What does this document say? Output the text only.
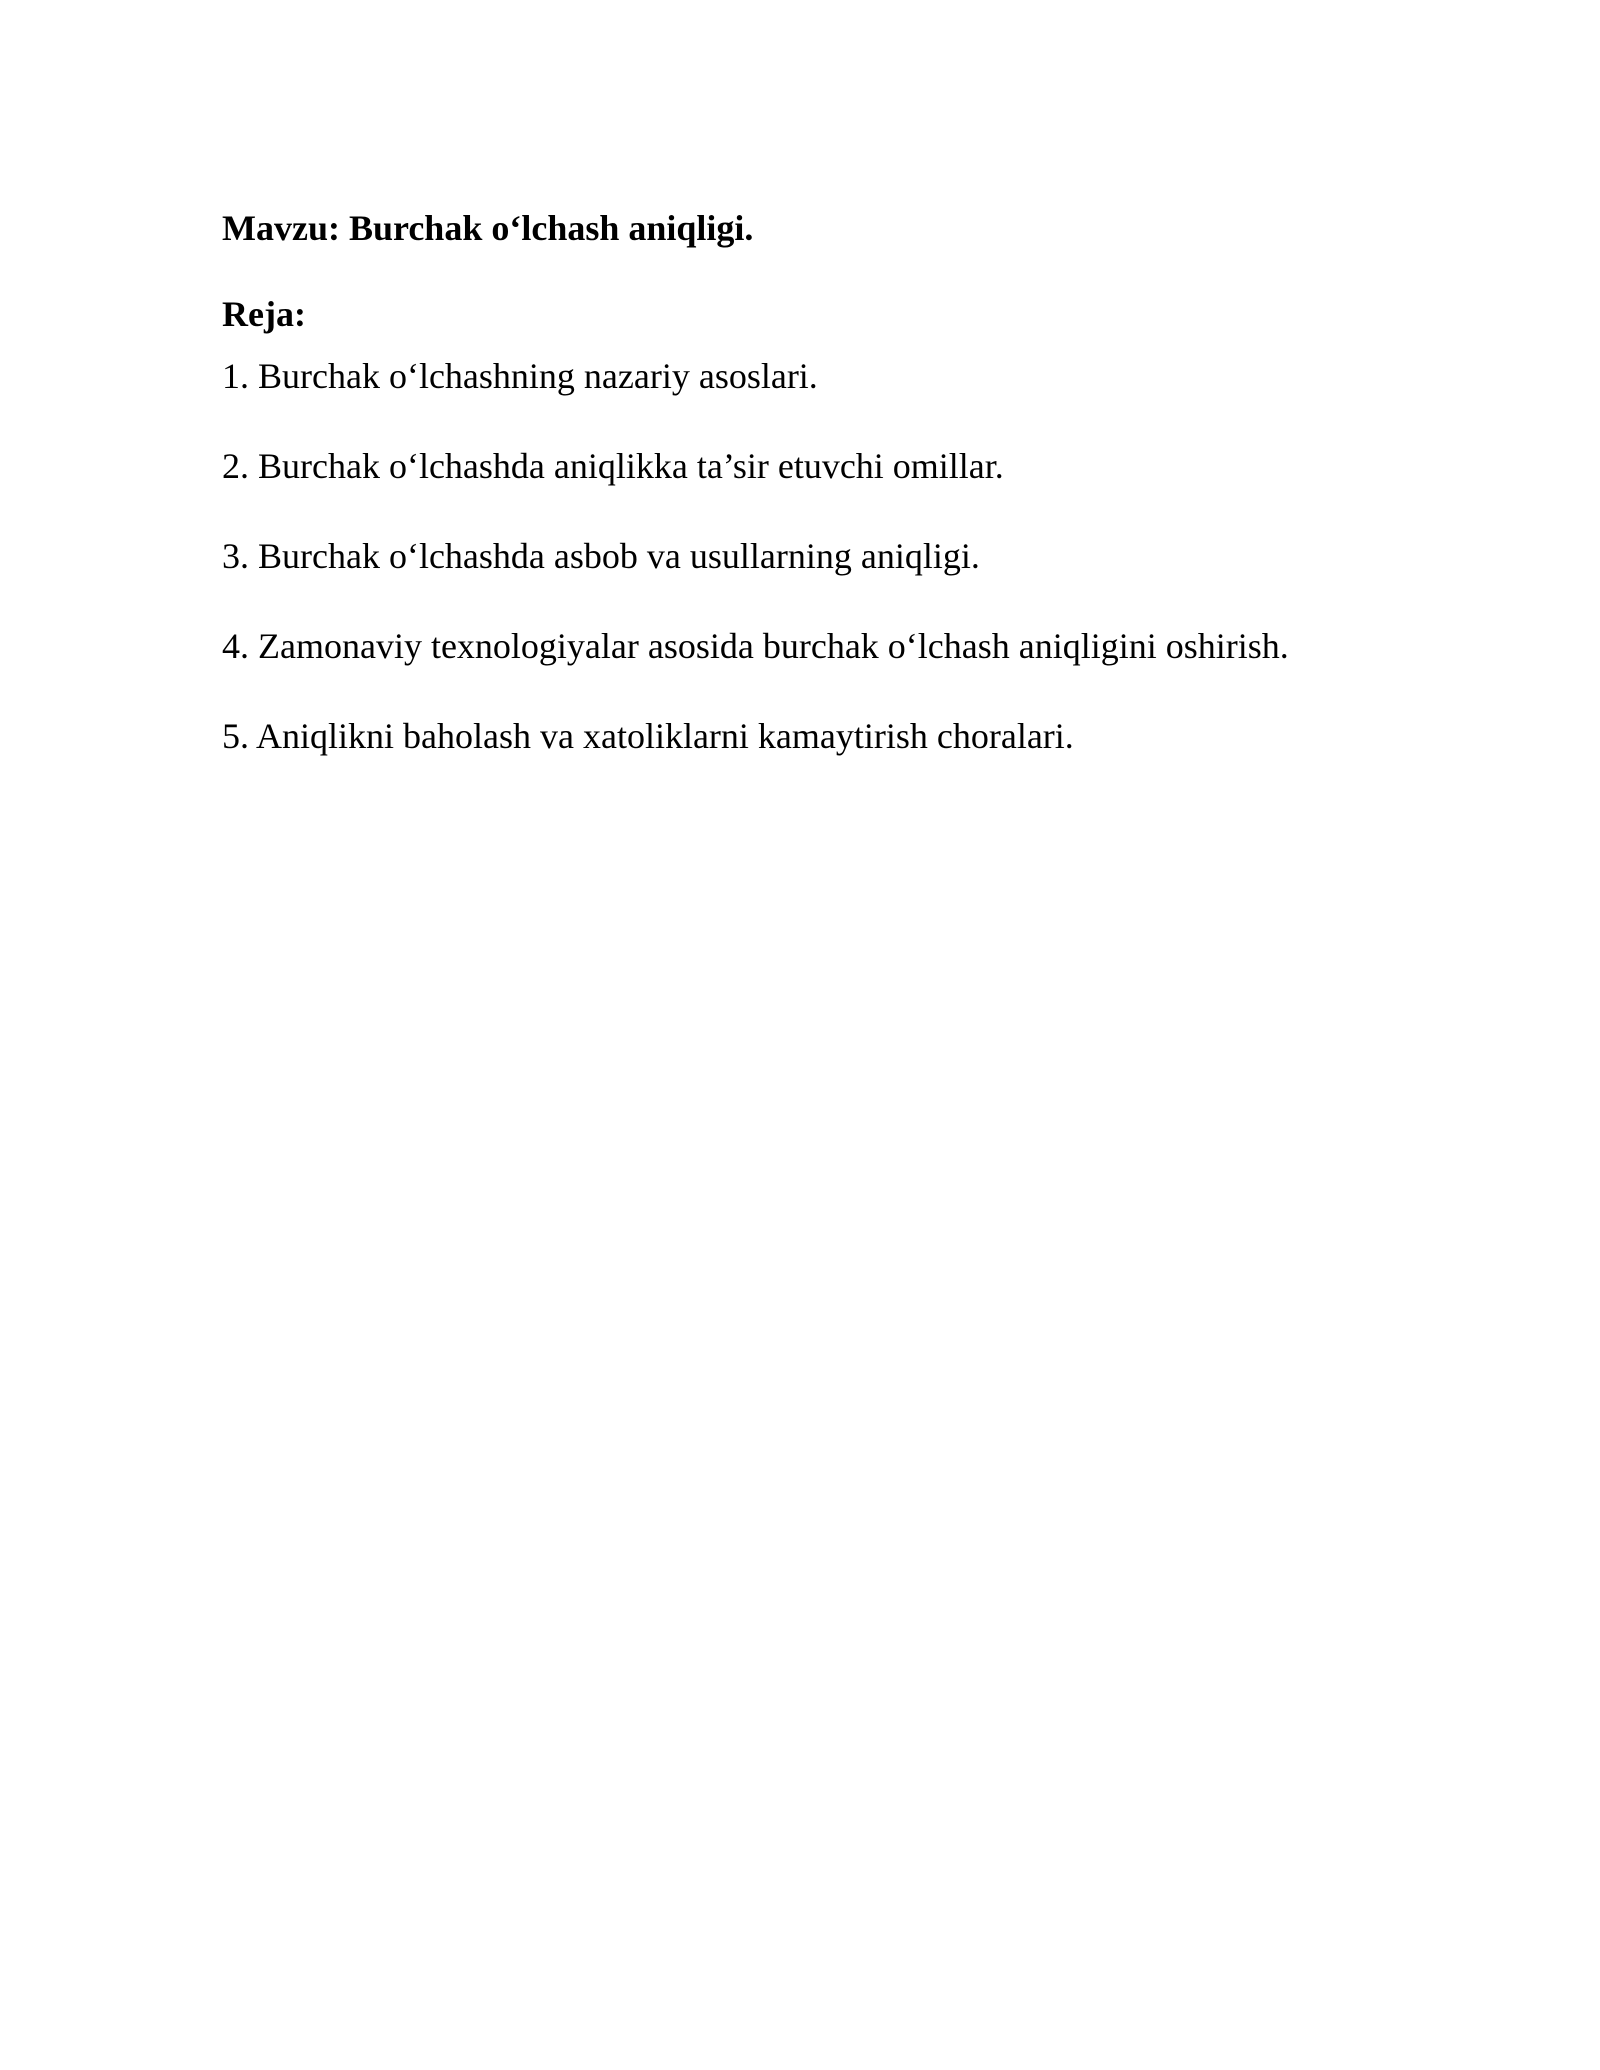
Mavzu: Burchak o‘lchash aniqligi.
Reja:
1. Burchak o‘lchashning nazariy asoslari.
2. Burchak o‘lchashda aniqlikka ta’sir etuvchi omillar.
3. Burchak o‘lchashda asbob va usullarning aniqligi.
4. Zamonaviy texnologiyalar asosida burchak o‘lchash aniqligini oshirish.
5. Aniqlikni baholash va xatoliklarni kamaytirish choralari.
